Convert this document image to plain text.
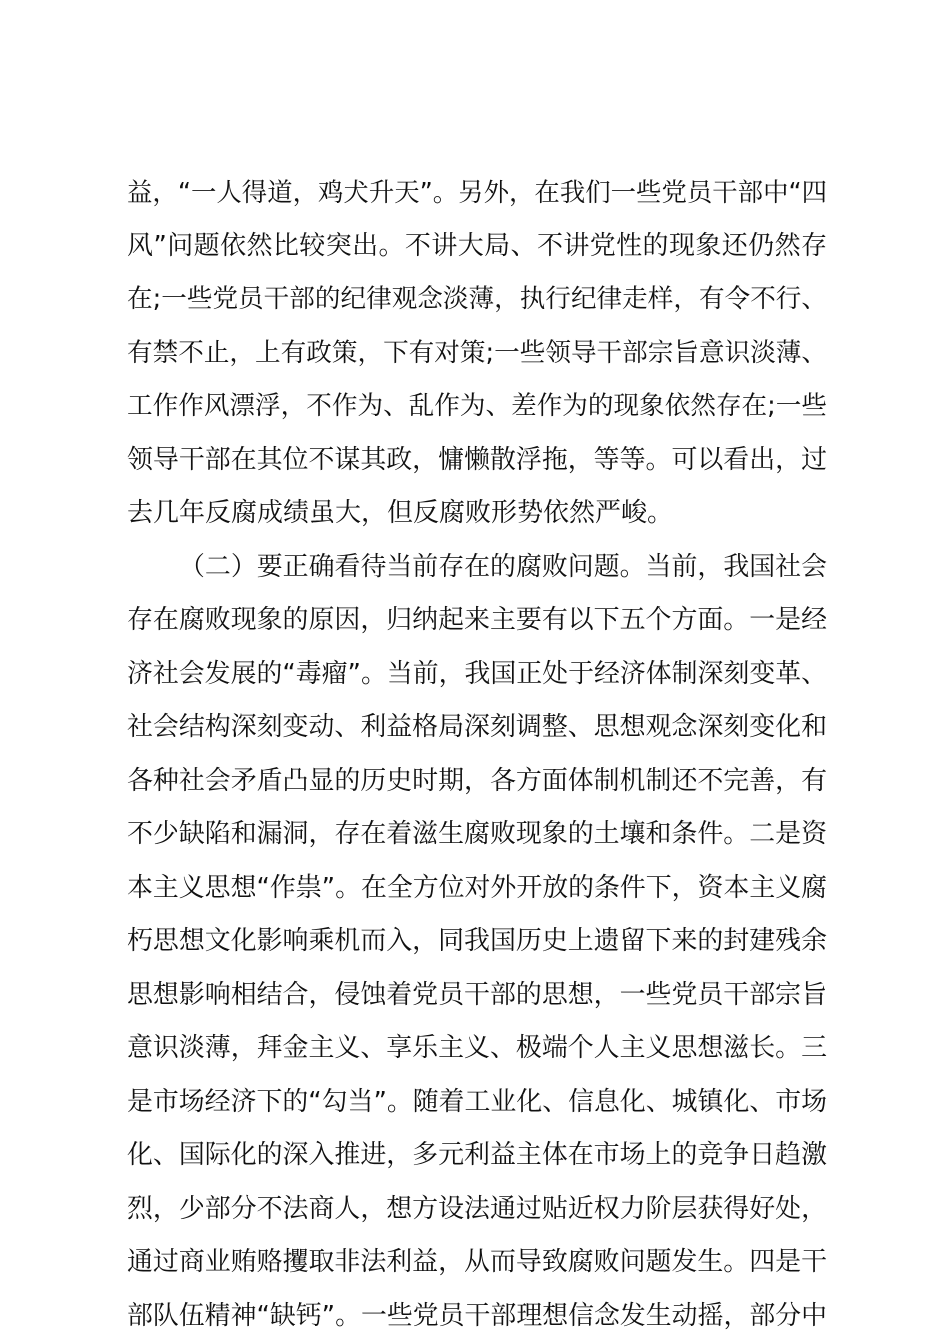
益，“一人得道，鸡犬升天”。另外，在我们一些党员干部中“四
风”问题依然比较突出。不讲大局、不讲党性的现象还仍然存
在;一些党员干部的纪律观念淡薄，执行纪律走样，有令不行、
有禁不止，上有政策，下有对策;一些领导干部宗旨意识淡薄、
工作作风漂浮，不作为、乱作为、差作为的现象依然存在;一些
领导干部在其位不谋其政，慵懒散浮拖，等等。可以看出，过
去几年反腐成绩虽大，但反腐败形势依然严峻。
（二）要正确看待当前存在的腐败问题。当前，我国社会
存在腐败现象的原因，归纳起来主要有以下五个方面。一是经
济社会发展的“毒瘤”。当前，我国正处于经济体制深刻变革、
社会结构深刻变动、利益格局深刻调整、思想观念深刻变化和
各种社会矛盾凸显的历史时期，各方面体制机制还不完善，有
不少缺陷和漏洞，存在着滋生腐败现象的土壤和条件。二是资
本主义思想“作祟”。在全方位对外开放的条件下，资本主义腐
朽思想文化影响乘机而入，同我国历史上遗留下来的封建残余
思想影响相结合，侵蚀着党员干部的思想，一些党员干部宗旨
意识淡薄，拜金主义、享乐主义、极端个人主义思想滋长。三
是市场经济下的“勾当”。随着工业化、信息化、城镇化、市场
化、国际化的深入推进，多元利益主体在市场上的竞争日趋激
烈，少部分不法商人，想方设法通过贴近权力阶层获得好处，
通过商业贿赂攫取非法利益，从而导致腐败问题发生。四是干
部队伍精神“缺钙”。一些党员干部理想信念发生动摇，部分中
